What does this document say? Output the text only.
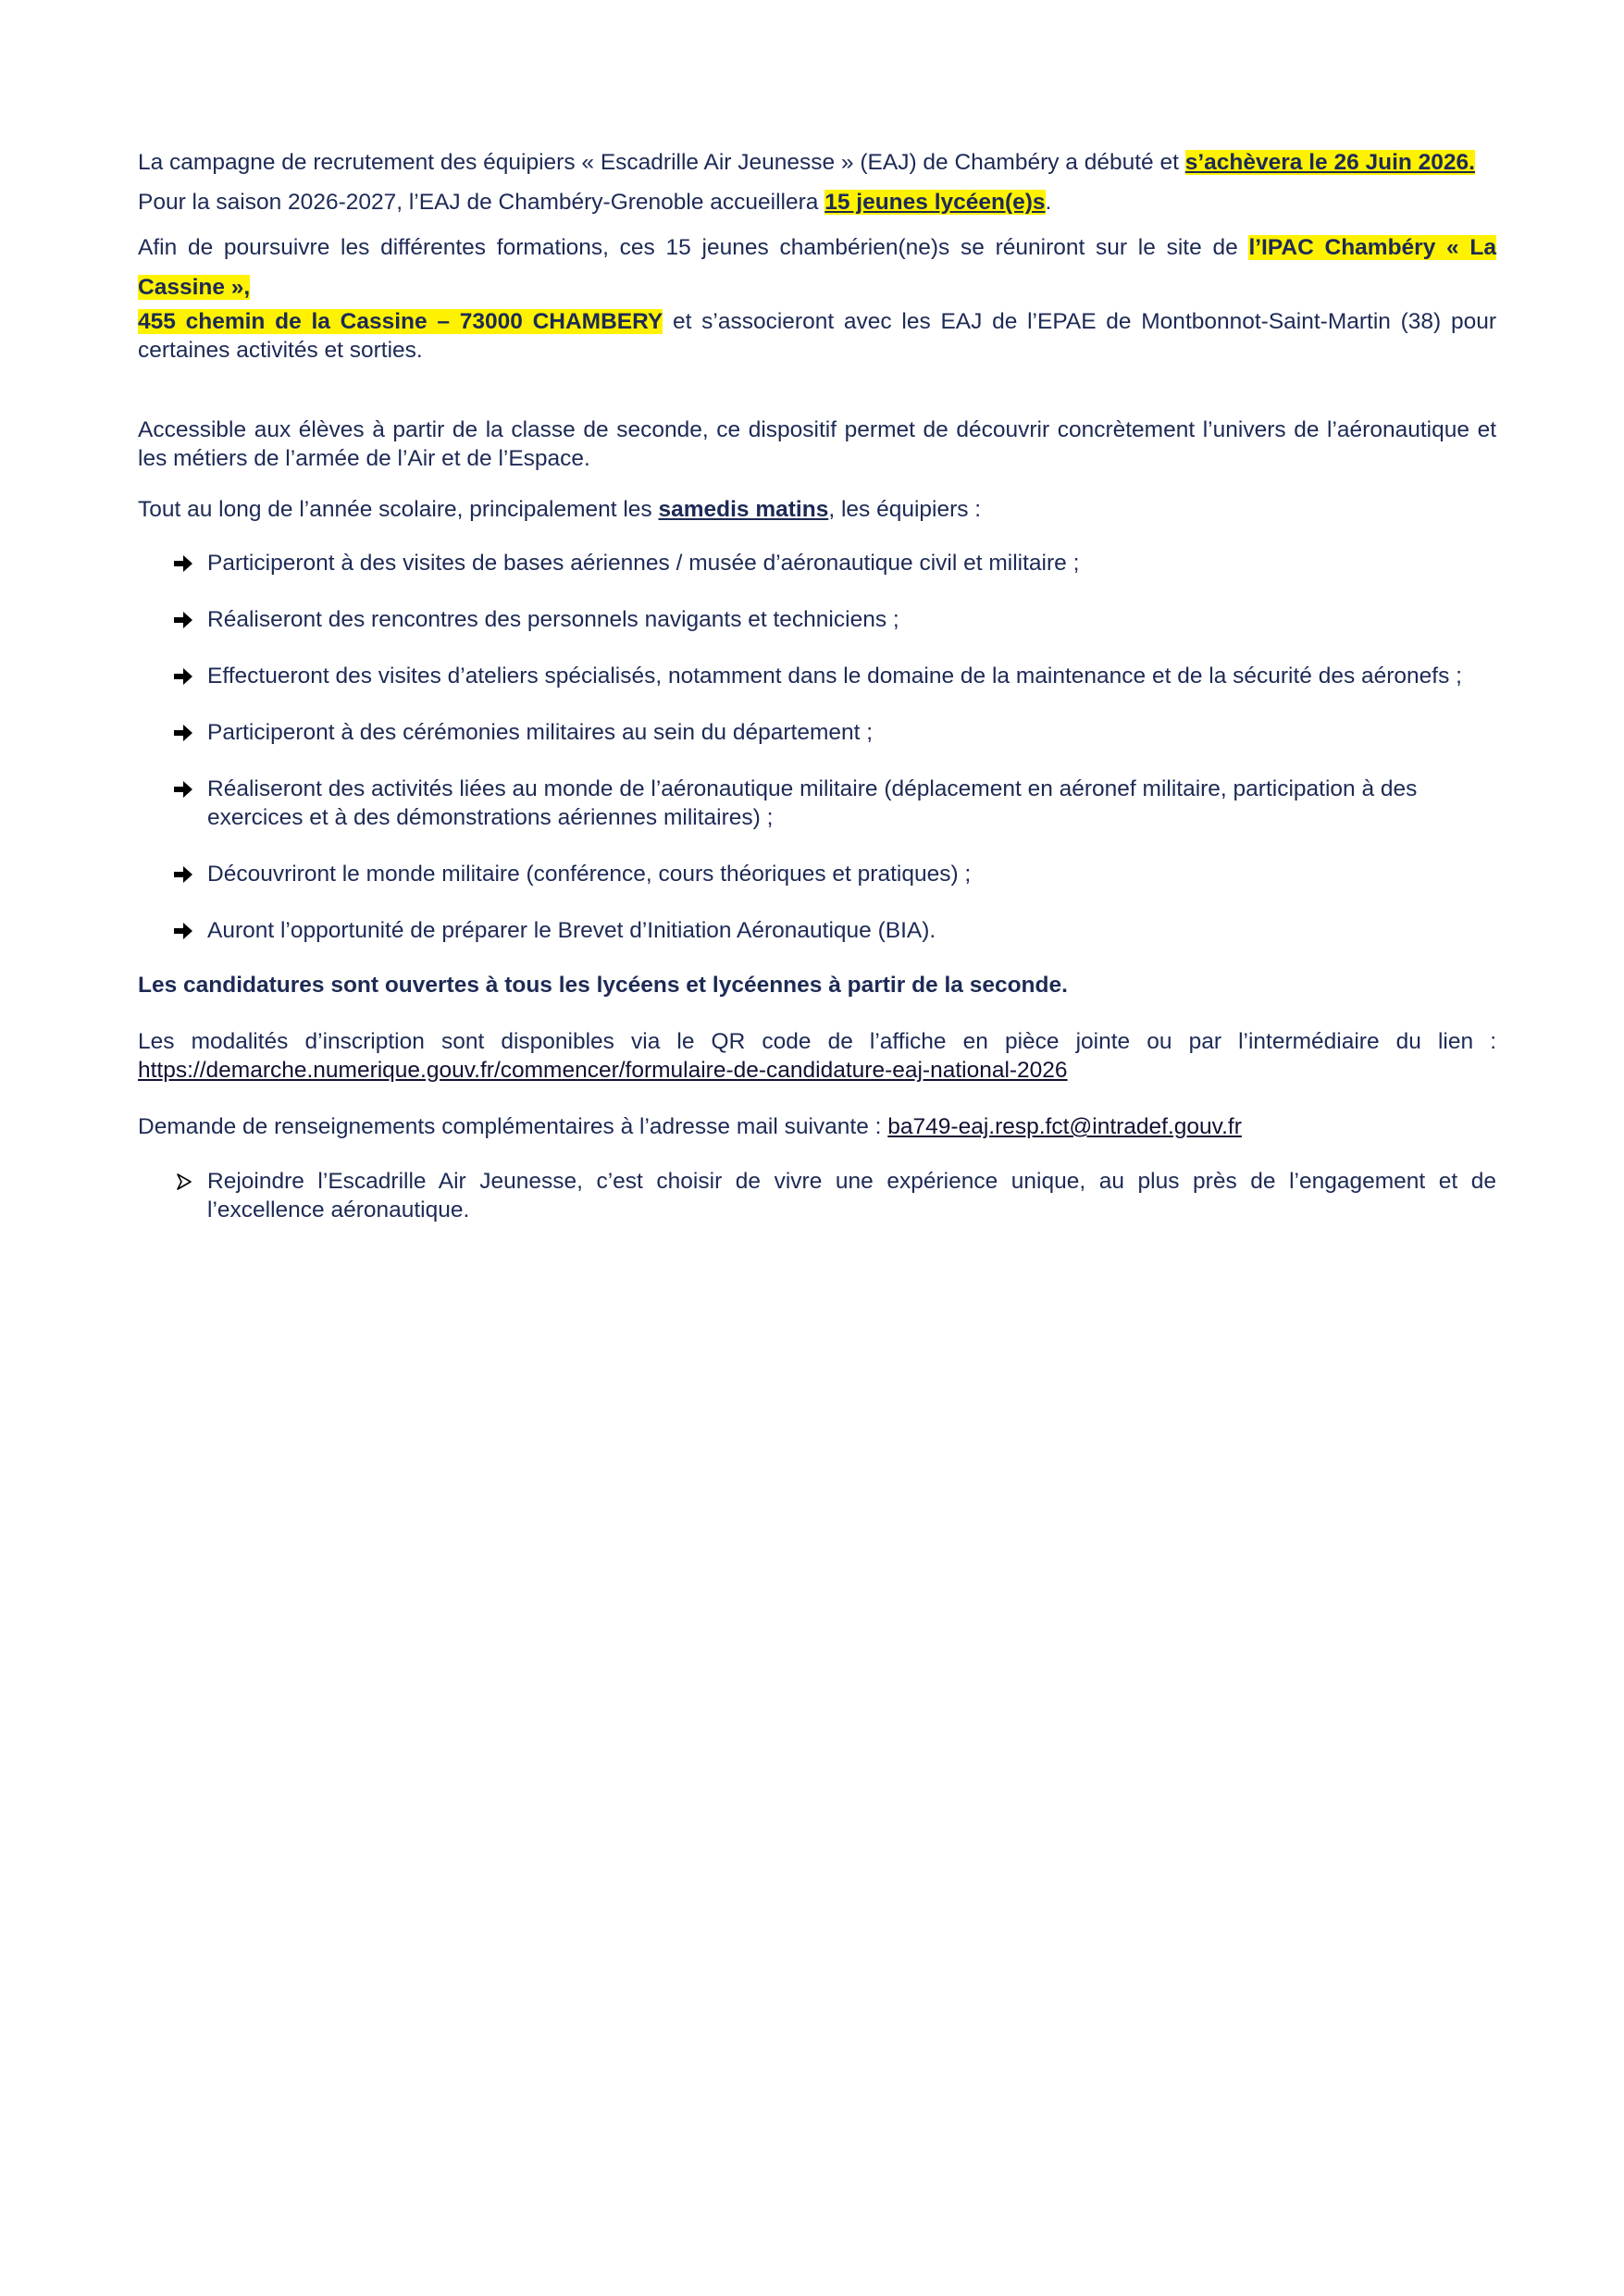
La campagne de recrutement des équipiers « Escadrille Air Jeunesse » (EAJ) de Chambéry a débuté et s’achèvera le 26 Juin 2026.

Pour la saison 2026-2027, l’EAJ de Chambéry-Grenoble accueillera 15 jeunes lycéen(e)s.

Afin de poursuivre les différentes formations, ces 15 jeunes chambérien(ne)s se réuniront sur le site de l’IPAC Chambéry « La Cassine »,
455 chemin de la Cassine – 73000 CHAMBERY et s’associeront avec les EAJ de l’EPAE de Montbonnot-Saint-Martin (38) pour certaines activités et sorties.

Accessible aux élèves à partir de la classe de seconde, ce dispositif permet de découvrir concrètement l’univers de l’aéronautique et les métiers de l’armée de l’Air et de l’Espace.

Tout au long de l’année scolaire, principalement les samedis matins, les équipiers :

Participeront à des visites de bases aériennes / musée d’aéronautique civil et militaire ;
Réaliseront des rencontres des personnels navigants et techniciens ;
Effectueront des visites d’ateliers spécialisés, notamment dans le domaine de la maintenance et de la sécurité des aéronefs ;
Participeront à des cérémonies militaires au sein du département ;
Réaliseront des activités liées au monde de l’aéronautique militaire (déplacement en aéronef militaire, participation à des exercices et à des démonstrations aériennes militaires) ;
Découvriront le monde militaire (conférence, cours théoriques et pratiques) ;
Auront l’opportunité de préparer le Brevet d’Initiation Aéronautique (BIA).

Les candidatures sont ouvertes à tous les lycéens et lycéennes à partir de la seconde.

Les modalités d’inscription sont disponibles via le QR code de l’affiche en pièce jointe ou par l’intermédiaire du lien : https://demarche.numerique.gouv.fr/commencer/formulaire-de-candidature-eaj-national-2026

Demande de renseignements complémentaires à l’adresse mail suivante : ba749-eaj.resp.fct@intradef.gouv.fr

Rejoindre l’Escadrille Air Jeunesse, c’est choisir de vivre une expérience unique, au plus près de l’engagement et de l’excellence aéronautique.
